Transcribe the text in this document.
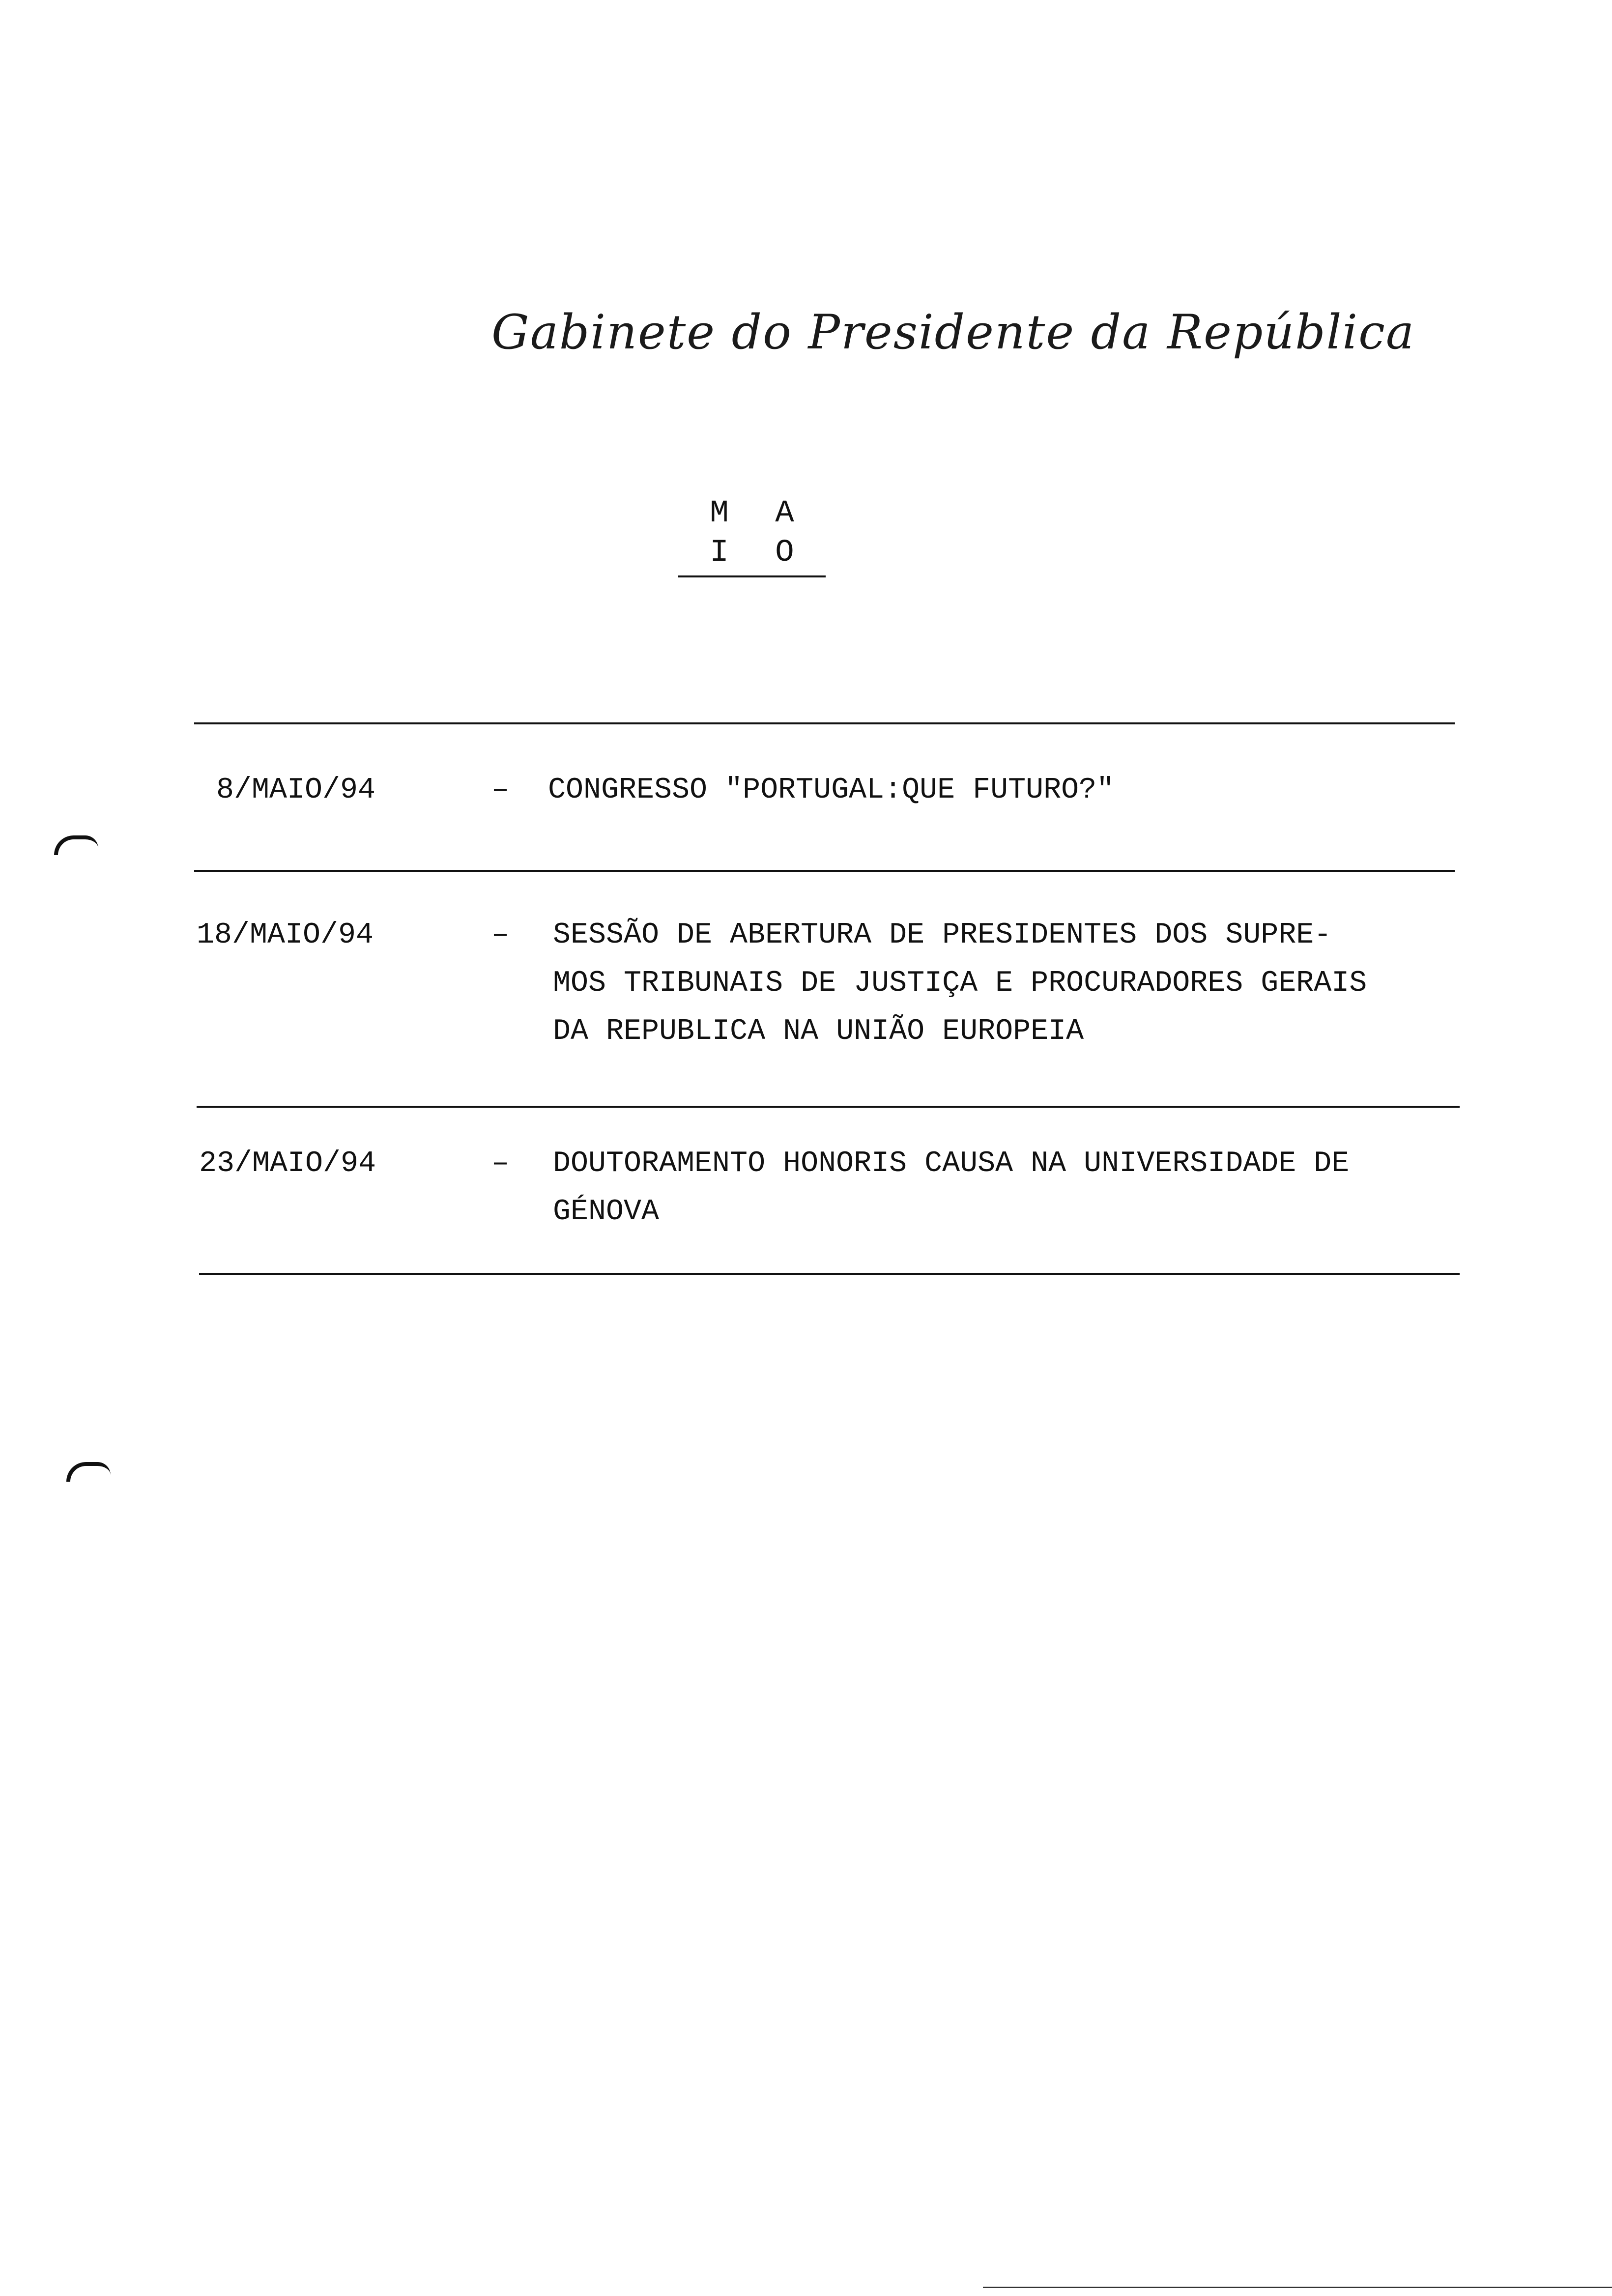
Gabinete do Presidente da República
M A I O
8/MAIO/94	– CONGRESSO "PORTUGAL:QUE FUTURO?"
18/MAIO/94	– SESSÃO DE ABERTURA DE PRESIDENTES DOS SUPRE-
MOS TRIBUNAIS DE JUSTIÇA E PROCURADORES GERAIS
DA REPUBLICA NA UNIÃO EUROPEIA
23/MAIO/94	– DOUTORAMENTO HONORIS CAUSA NA UNIVERSIDADE DE
GÉNOVA
